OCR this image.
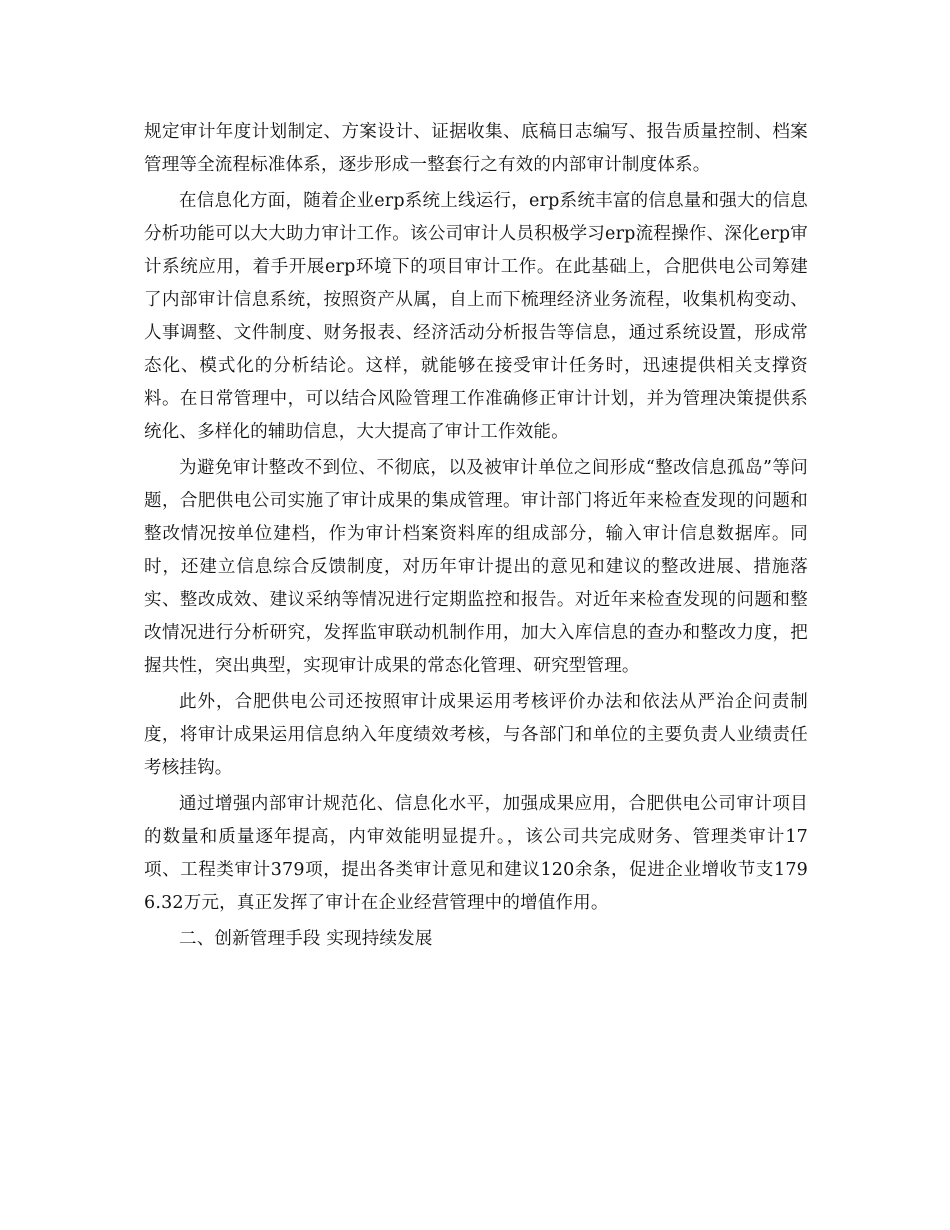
规定审计年度计划制定、方案设计、证据收集、底稿日志编写、报告质量控制、档案管理等全流程标准体系，逐步形成一整套行之有效的内部审计制度体系。

在信息化方面，随着企业erp系统上线运行，erp系统丰富的信息量和强大的信息分析功能可以大大助力审计工作。该公司审计人员积极学习erp流程操作、深化erp审计系统应用，着手开展erp环境下的项目审计工作。在此基础上，合肥供电公司筹建了内部审计信息系统，按照资产从属，自上而下梳理经济业务流程，收集机构变动、人事调整、文件制度、财务报表、经济活动分析报告等信息，通过系统设置，形成常态化、模式化的分析结论。这样，就能够在接受审计任务时，迅速提供相关支撑资料。在日常管理中，可以结合风险管理工作准确修正审计计划，并为管理决策提供系统化、多样化的辅助信息，大大提高了审计工作效能。

为避免审计整改不到位、不彻底，以及被审计单位之间形成“整改信息孤岛”等问题，合肥供电公司实施了审计成果的集成管理。审计部门将近年来检查发现的问题和整改情况按单位建档，作为审计档案资料库的组成部分，输入审计信息数据库。同时，还建立信息综合反馈制度，对历年审计提出的意见和建议的整改进展、措施落实、整改成效、建议采纳等情况进行定期监控和报告。对近年来检查发现的问题和整改情况进行分析研究，发挥监审联动机制作用，加大入库信息的查办和整改力度，把握共性，突出典型，实现审计成果的常态化管理、研究型管理。

此外，合肥供电公司还按照审计成果运用考核评价办法和依法从严治企问责制度，将审计成果运用信息纳入年度绩效考核，与各部门和单位的主要负责人业绩责任考核挂钩。

通过增强内部审计规范化、信息化水平，加强成果应用，合肥供电公司审计项目的数量和质量逐年提高，内审效能明显提升。，该公司共完成财务、管理类审计17项、工程类审计379项，提出各类审计意见和建议120余条，促进企业增收节支1796.32万元，真正发挥了审计在企业经营管理中的增值作用。

二、创新管理手段 实现持续发展
